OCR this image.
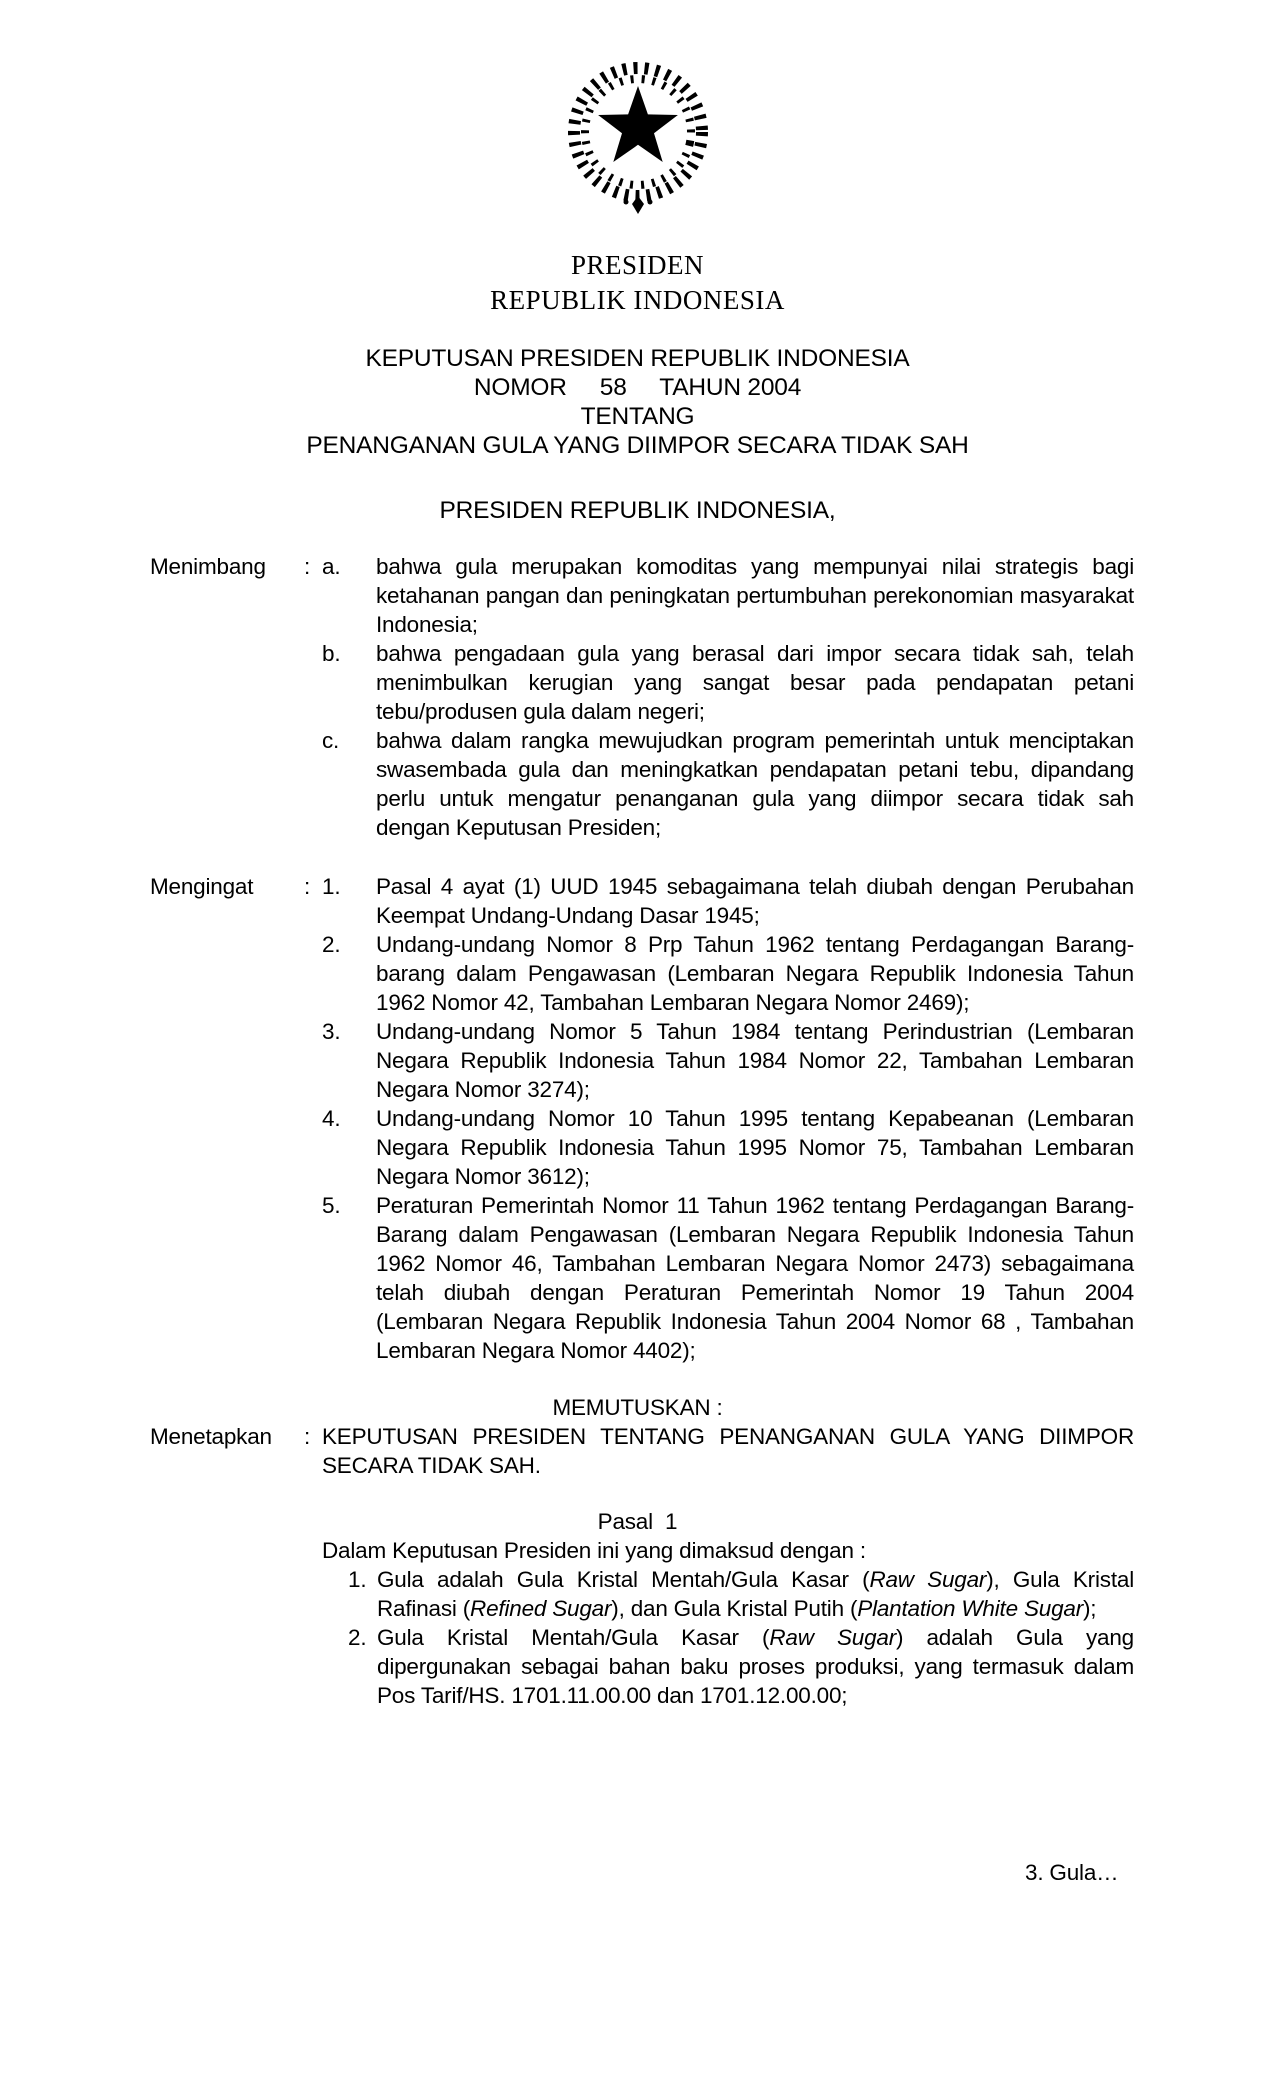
PRESIDEN
REPUBLIK INDONESIA
KEPUTUSAN PRESIDEN REPUBLIK INDONESIA
NOMOR     58     TAHUN 2004
TENTANG
PENANGANAN GULA YANG DIIMPOR SECARA TIDAK SAH
PRESIDEN REPUBLIK INDONESIA,
Menimbang	: a.	bahwa gula merupakan komoditas yang mempunyai nilai strategis bagi ketahanan pangan dan peningkatan pertumbuhan perekonomian masyarakat Indonesia;
b.	bahwa pengadaan gula yang berasal dari impor secara tidak sah, telah menimbulkan kerugian yang sangat besar pada pendapatan petani tebu/produsen gula dalam negeri;
c.	bahwa dalam rangka mewujudkan program pemerintah untuk menciptakan swasembada gula dan meningkatkan pendapatan petani tebu, dipandang perlu untuk mengatur penanganan gula yang diimpor secara tidak sah dengan Keputusan Presiden;
Mengingat	: 1.	Pasal 4 ayat (1) UUD 1945 sebagaimana telah diubah dengan Perubahan Keempat Undang-Undang Dasar 1945;
2.	Undang-undang Nomor 8 Prp Tahun 1962 tentang Perdagangan Barang-barang dalam Pengawasan (Lembaran Negara Republik Indonesia Tahun 1962 Nomor 42, Tambahan Lembaran Negara Nomor 2469);
3.	Undang-undang Nomor 5 Tahun 1984 tentang Perindustrian (Lembaran Negara Republik Indonesia Tahun 1984 Nomor 22, Tambahan Lembaran Negara Nomor 3274);
4.	Undang-undang Nomor 10 Tahun 1995 tentang Kepabeanan (Lembaran Negara Republik Indonesia Tahun 1995 Nomor 75, Tambahan Lembaran Negara Nomor 3612);
5.	Peraturan Pemerintah Nomor 11 Tahun 1962 tentang Perdagangan Barang-Barang dalam Pengawasan (Lembaran Negara Republik Indonesia Tahun 1962 Nomor 46, Tambahan Lembaran Negara Nomor 2473) sebagaimana telah diubah dengan Peraturan Pemerintah Nomor 19 Tahun 2004 (Lembaran Negara Republik Indonesia Tahun 2004 Nomor 68 , Tambahan Lembaran Negara Nomor 4402);
MEMUTUSKAN :
Menetapkan	: KEPUTUSAN PRESIDEN TENTANG PENANGANAN GULA YANG DIIMPOR SECARA TIDAK SAH.
Pasal  1
Dalam Keputusan Presiden ini yang dimaksud dengan :
1. Gula adalah Gula Kristal Mentah/Gula Kasar (Raw Sugar), Gula Kristal Rafinasi (Refined Sugar), dan Gula Kristal Putih (Plantation White Sugar);
2. Gula Kristal Mentah/Gula Kasar (Raw Sugar) adalah Gula yang dipergunakan sebagai bahan baku proses produksi, yang termasuk dalam Pos Tarif/HS. 1701.11.00.00 dan 1701.12.00.00;
3. Gula…
